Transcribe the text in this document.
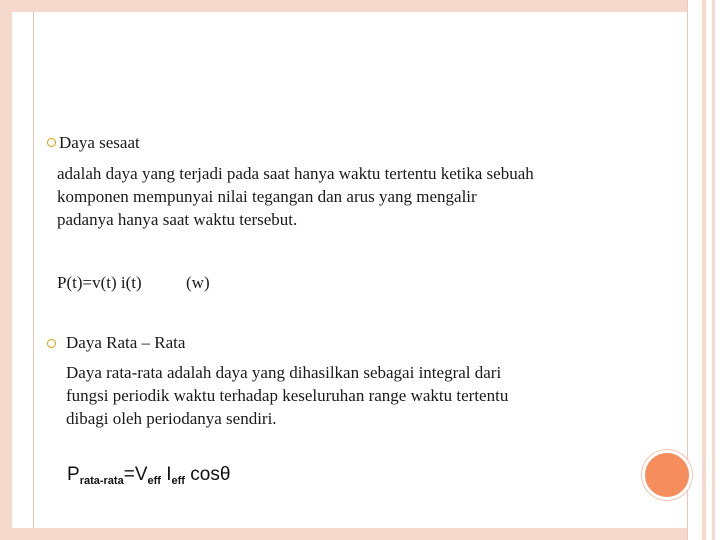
Daya sesaat
adalah daya yang terjadi pada saat hanya waktu tertentu ketika sebuah
komponen mempunyai nilai tegangan dan arus yang mengalir
padanya hanya saat waktu tersebut.
P(t)=v(t) i(t)	(w)
Daya Rata – Rata
Daya rata-rata adalah daya yang dihasilkan sebagai integral dari
fungsi periodik waktu terhadap keseluruhan range waktu tertentu
dibagi oleh periodanya sendiri.
$P_{rata-rata}=V_{eff}$ $I_{eff}$ cosθ
